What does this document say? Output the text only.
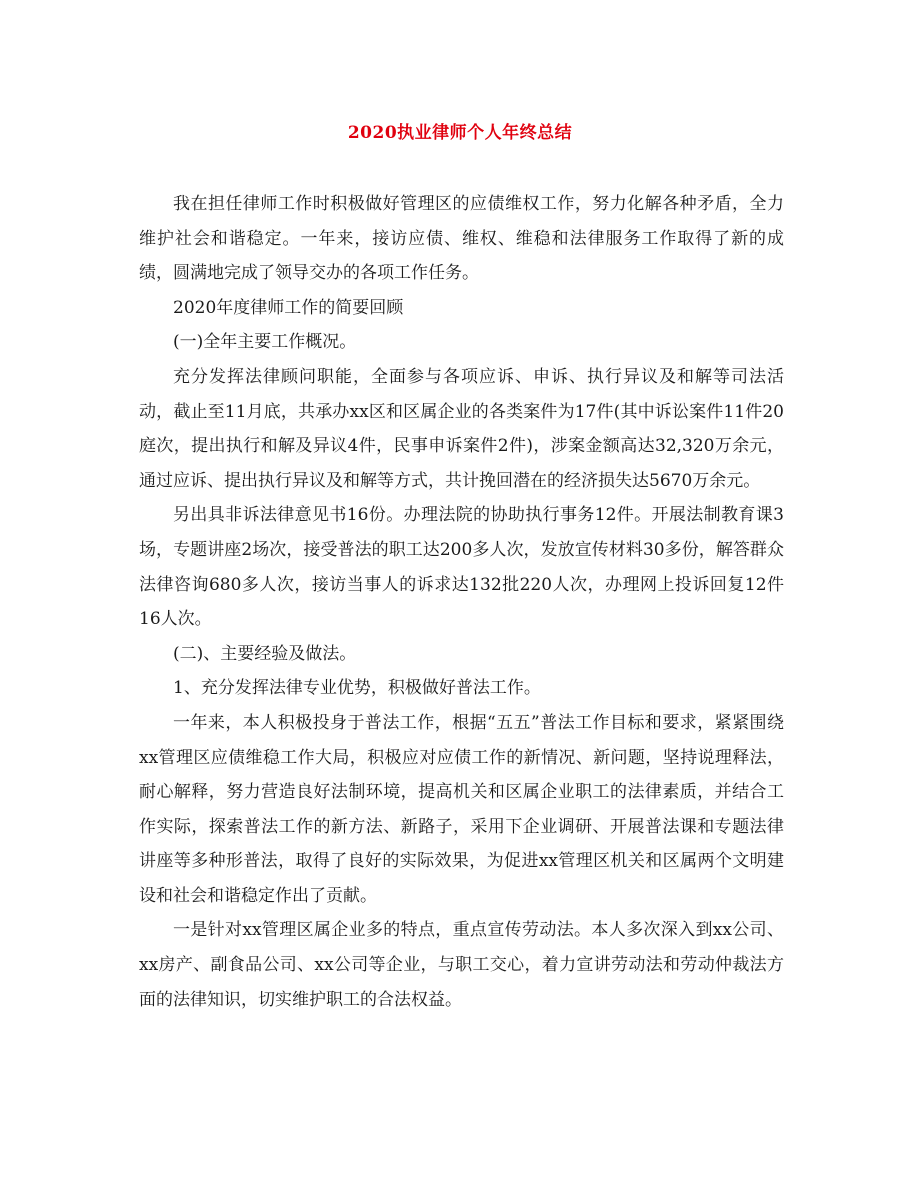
2020执业律师个人年终总结

我在担任律师工作时积极做好管理区的应债维权工作，努力化解各种矛盾，全力维护社会和谐稳定。一年来，接访应债、维权、维稳和法律服务工作取得了新的成绩，圆满地完成了领导交办的各项工作任务。

2020年度律师工作的简要回顾

(一)全年主要工作概况。

充分发挥法律顾问职能，全面参与各项应诉、申诉、执行异议及和解等司法活动，截止至11月底，共承办xx区和区属企业的各类案件为17件(其中诉讼案件11件20庭次，提出执行和解及异议4件，民事申诉案件2件)，涉案金额高达32,320万余元，通过应诉、提出执行异议及和解等方式，共计挽回潜在的经济损失达5670万余元。

另出具非诉法律意见书16份。办理法院的协助执行事务12件。开展法制教育课3场，专题讲座2场次，接受普法的职工达200多人次，发放宣传材料30多份，解答群众法律咨询680多人次，接访当事人的诉求达132批220人次，办理网上投诉回复12件16人次。

(二)、主要经验及做法。

1、充分发挥法律专业优势，积极做好普法工作。

一年来，本人积极投身于普法工作，根据“五五”普法工作目标和要求，紧紧围绕xx管理区应债维稳工作大局，积极应对应债工作的新情况、新问题，坚持说理释法，耐心解释，努力营造良好法制环境，提高机关和区属企业职工的法律素质，并结合工作实际，探索普法工作的新方法、新路子，采用下企业调研、开展普法课和专题法律讲座等多种形普法，取得了良好的实际效果，为促进xx管理区机关和区属两个文明建设和社会和谐稳定作出了贡献。

一是针对xx管理区属企业多的特点，重点宣传劳动法。本人多次深入到xx公司、xx房产、副食品公司、xx公司等企业，与职工交心，着力宣讲劳动法和劳动仲裁法方面的法律知识，切实维护职工的合法权益。
